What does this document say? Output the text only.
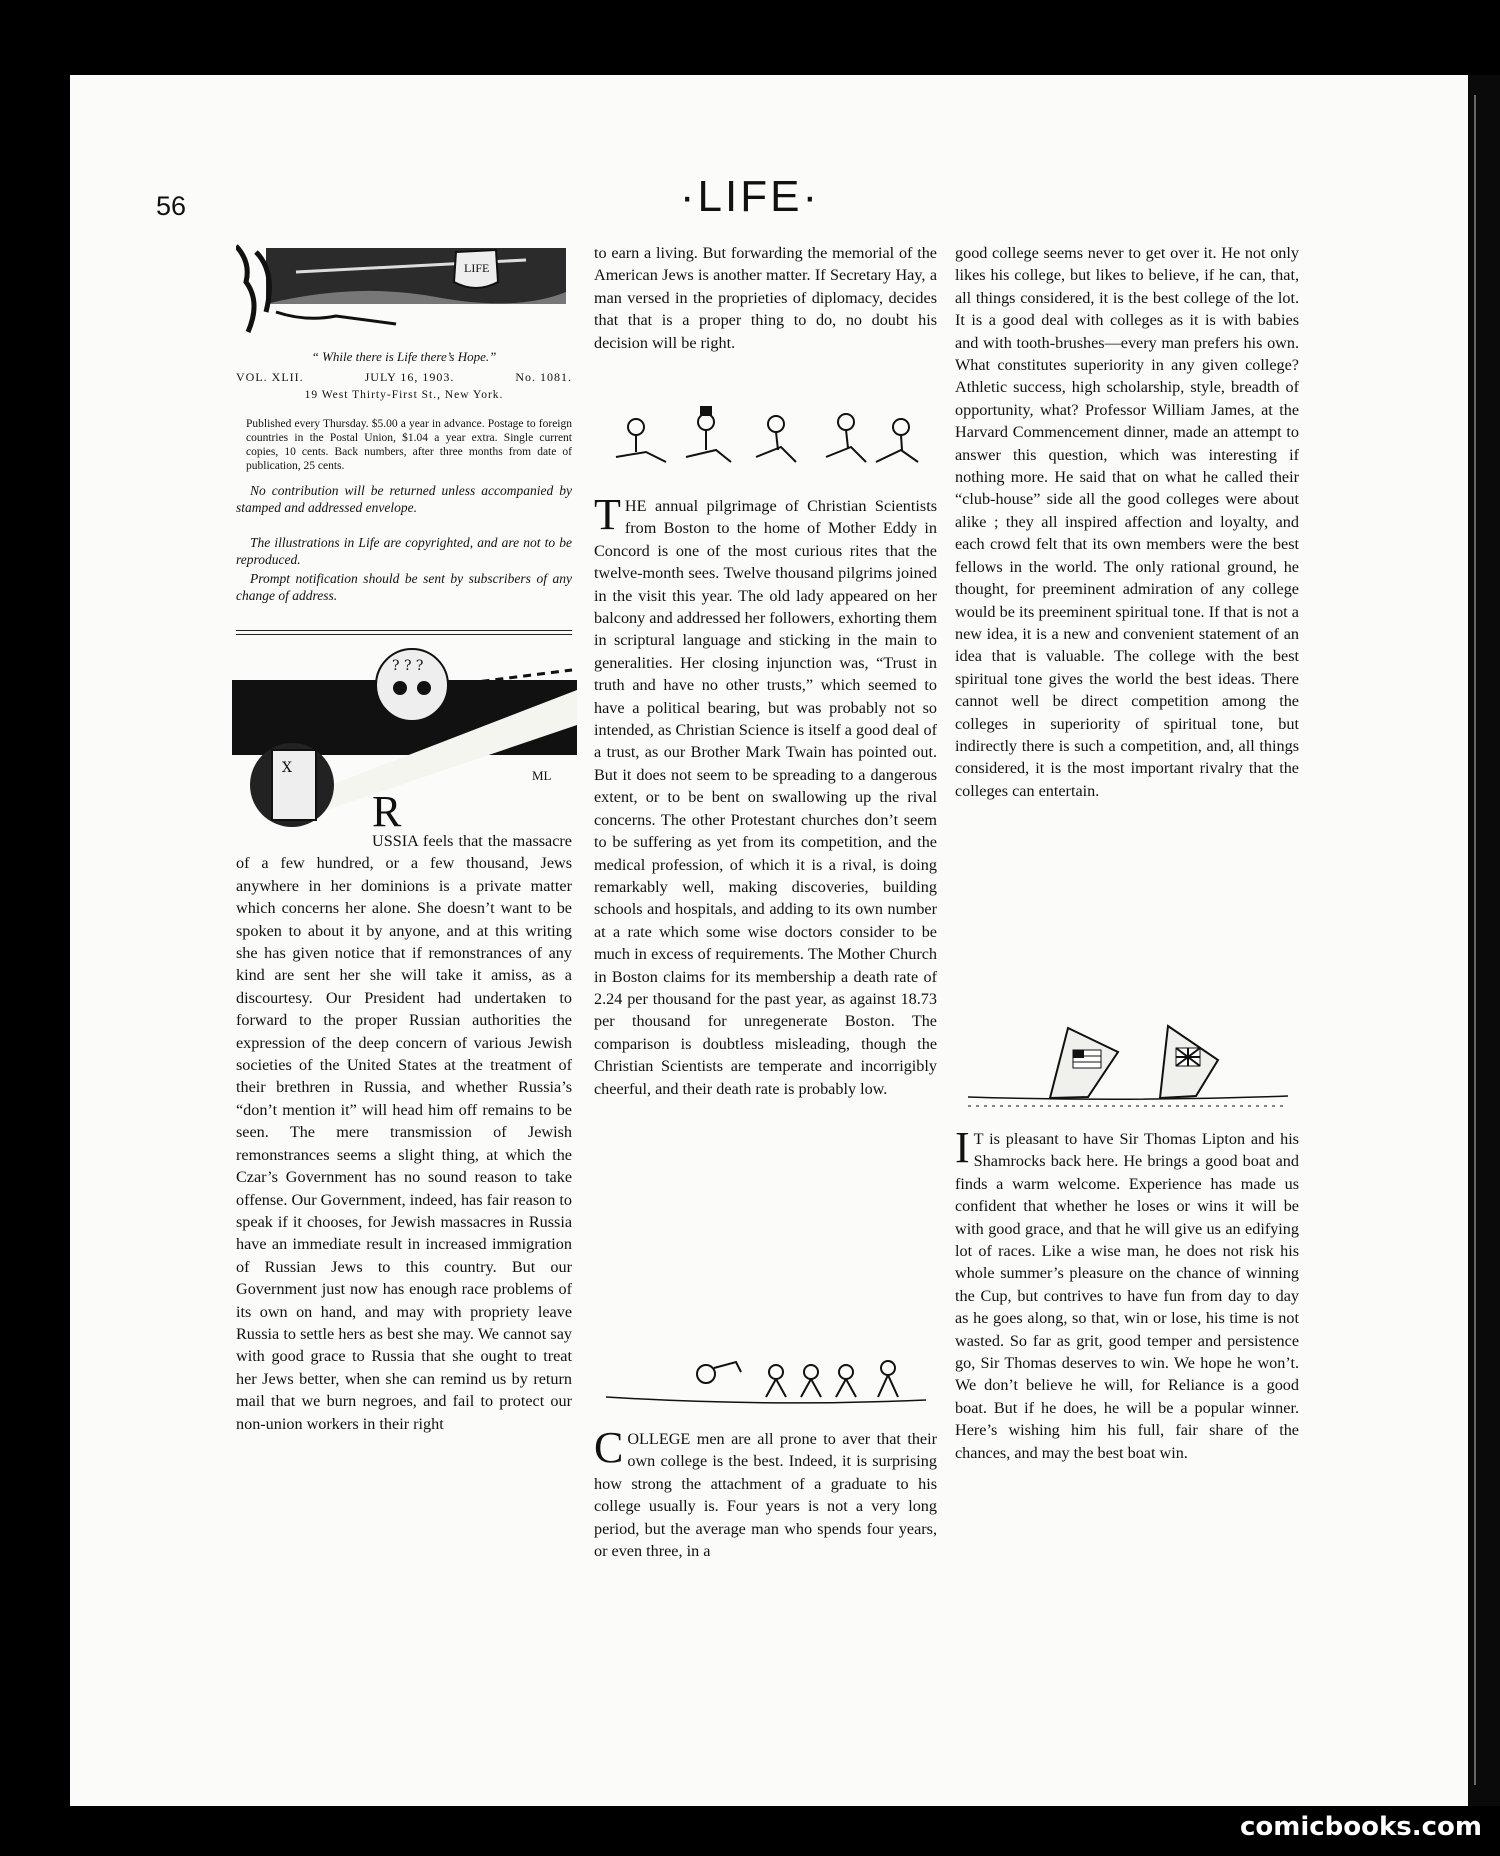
56	·LIFE·
LIFE
“ While there is Life there’s Hope.”
VOL. XLII.	JULY 16, 1903.	No. 1081.
19 West Thirty-First St., New York.
Published every Thursday. $5.00 a year in advance. Postage to foreign countries in the Postal Union, $1.04 a year extra. Single current copies, 10 cents. Back numbers, after three months from date of publication, 25 cents.
No contribution will be returned unless accompanied by stamped and addressed envelope.
The illustrations in Life are copyrighted, and are not to be reproduced.
Prompt notification should be sent by subscribers of any change of address.
? ? ?
X	ML

R
USSIA feels that the massacre of a few hundred, or a few thousand, Jews anywhere in her dominions is a private matter which concerns her alone. She doesn’t want to be spoken to about it by anyone, and at this writing she has given notice that if remonstrances of any kind are sent her she will take it amiss, as a discourtesy. Our President had undertaken to forward to the proper Russian authorities the expression of the deep concern of various Jewish societies of the United States at the treatment of their brethren in Russia, and whether Russia’s “don’t mention it” will head him off remains to be seen. The mere transmission of Jewish remonstrances seems a slight thing, at which the Czar’s Government has no sound reason to take offense. Our Government, indeed, has fair reason to speak if it chooses, for Jewish massacres in Russia have an immediate result in increased immigration of Russian Jews to this country. But our Government just now has enough race problems of its own on hand, and may with propriety leave Russia to settle hers as best she may. We cannot say with good grace to Russia that she ought to treat her Jews better, when she can remind us by return mail that we burn negroes, and fail to protect our non-union workers in their right

to earn a living. But forwarding the memorial of the American Jews is another matter. If Secretary Hay, a man versed in the proprieties of diplomacy, decides that that is a proper thing to do, no doubt his decision will be right.

THE annual pilgrimage of Christian Scientists from Boston to the home of Mother Eddy in Concord is one of the most curious rites that the twelve-month sees. Twelve thousand pilgrims joined in the visit this year. The old lady appeared on her balcony and addressed her followers, exhorting them in scriptural language and sticking in the main to generalities. Her closing injunction was, “Trust in truth and have no other trusts,” which seemed to have a political bearing, but was probably not so intended, as Christian Science is itself a good deal of a trust, as our Brother Mark Twain has pointed out. But it does not seem to be spreading to a dangerous extent, or to be bent on swallowing up the rival concerns. The other Protestant churches don’t seem to be suffering as yet from its competition, and the medical profession, of which it is a rival, is doing remarkably well, making discoveries, building schools and hospitals, and adding to its own number at a rate which some wise doctors consider to be much in excess of requirements. The Mother Church in Boston claims for its membership a death rate of 2.24 per thousand for the past year, as against 18.73 per thousand for unregenerate Boston. The comparison is doubtless misleading, though the Christian Scientists are temperate and incorrigibly cheerful, and their death rate is probably low.

COLLEGE men are all prone to aver that their own college is the best. Indeed, it is surprising how strong the attachment of a graduate to his college usually is. Four years is not a very long period, but the average man who spends four years, or even three, in a

good college seems never to get over it. He not only likes his college, but likes to believe, if he can, that, all things considered, it is the best college of the lot. It is a good deal with colleges as it is with babies and with tooth-brushes—every man prefers his own. What constitutes superiority in any given college? Athletic success, high scholarship, style, breadth of opportunity, what? Professor William James, at the Harvard Commencement dinner, made an attempt to answer this question, which was interesting if nothing more. He said that on what he called their “club-house” side all the good colleges were about alike ; they all inspired affection and loyalty, and each crowd felt that its own members were the best fellows in the world. The only rational ground, he thought, for preeminent admiration of any college would be its preeminent spiritual tone. If that is not a new idea, it is a new and convenient statement of an idea that is valuable. The college with the best spiritual tone gives the world the best ideas. There cannot well be direct competition among the colleges in superiority of spiritual tone, but indirectly there is such a competition, and, all things considered, it is the most important rivalry that the colleges can entertain.

I T is pleasant to have Sir Thomas Lipton and his Shamrocks back here. He brings a good boat and finds a warm welcome. Experience has made us confident that whether he loses or wins it will be with good grace, and that he will give us an edifying lot of races. Like a wise man, he does not risk his whole summer’s pleasure on the chance of winning the Cup, but contrives to have fun from day to day as he goes along, so that, win or lose, his time is not wasted. So far as grit, good temper and persistence go, Sir Thomas deserves to win. We hope he won’t. We don’t believe he will, for Reliance is a good boat. But if he does, he will be a popular winner. Here’s wishing him his full, fair share of the chances, and may the best boat win.

comicbooks.com
